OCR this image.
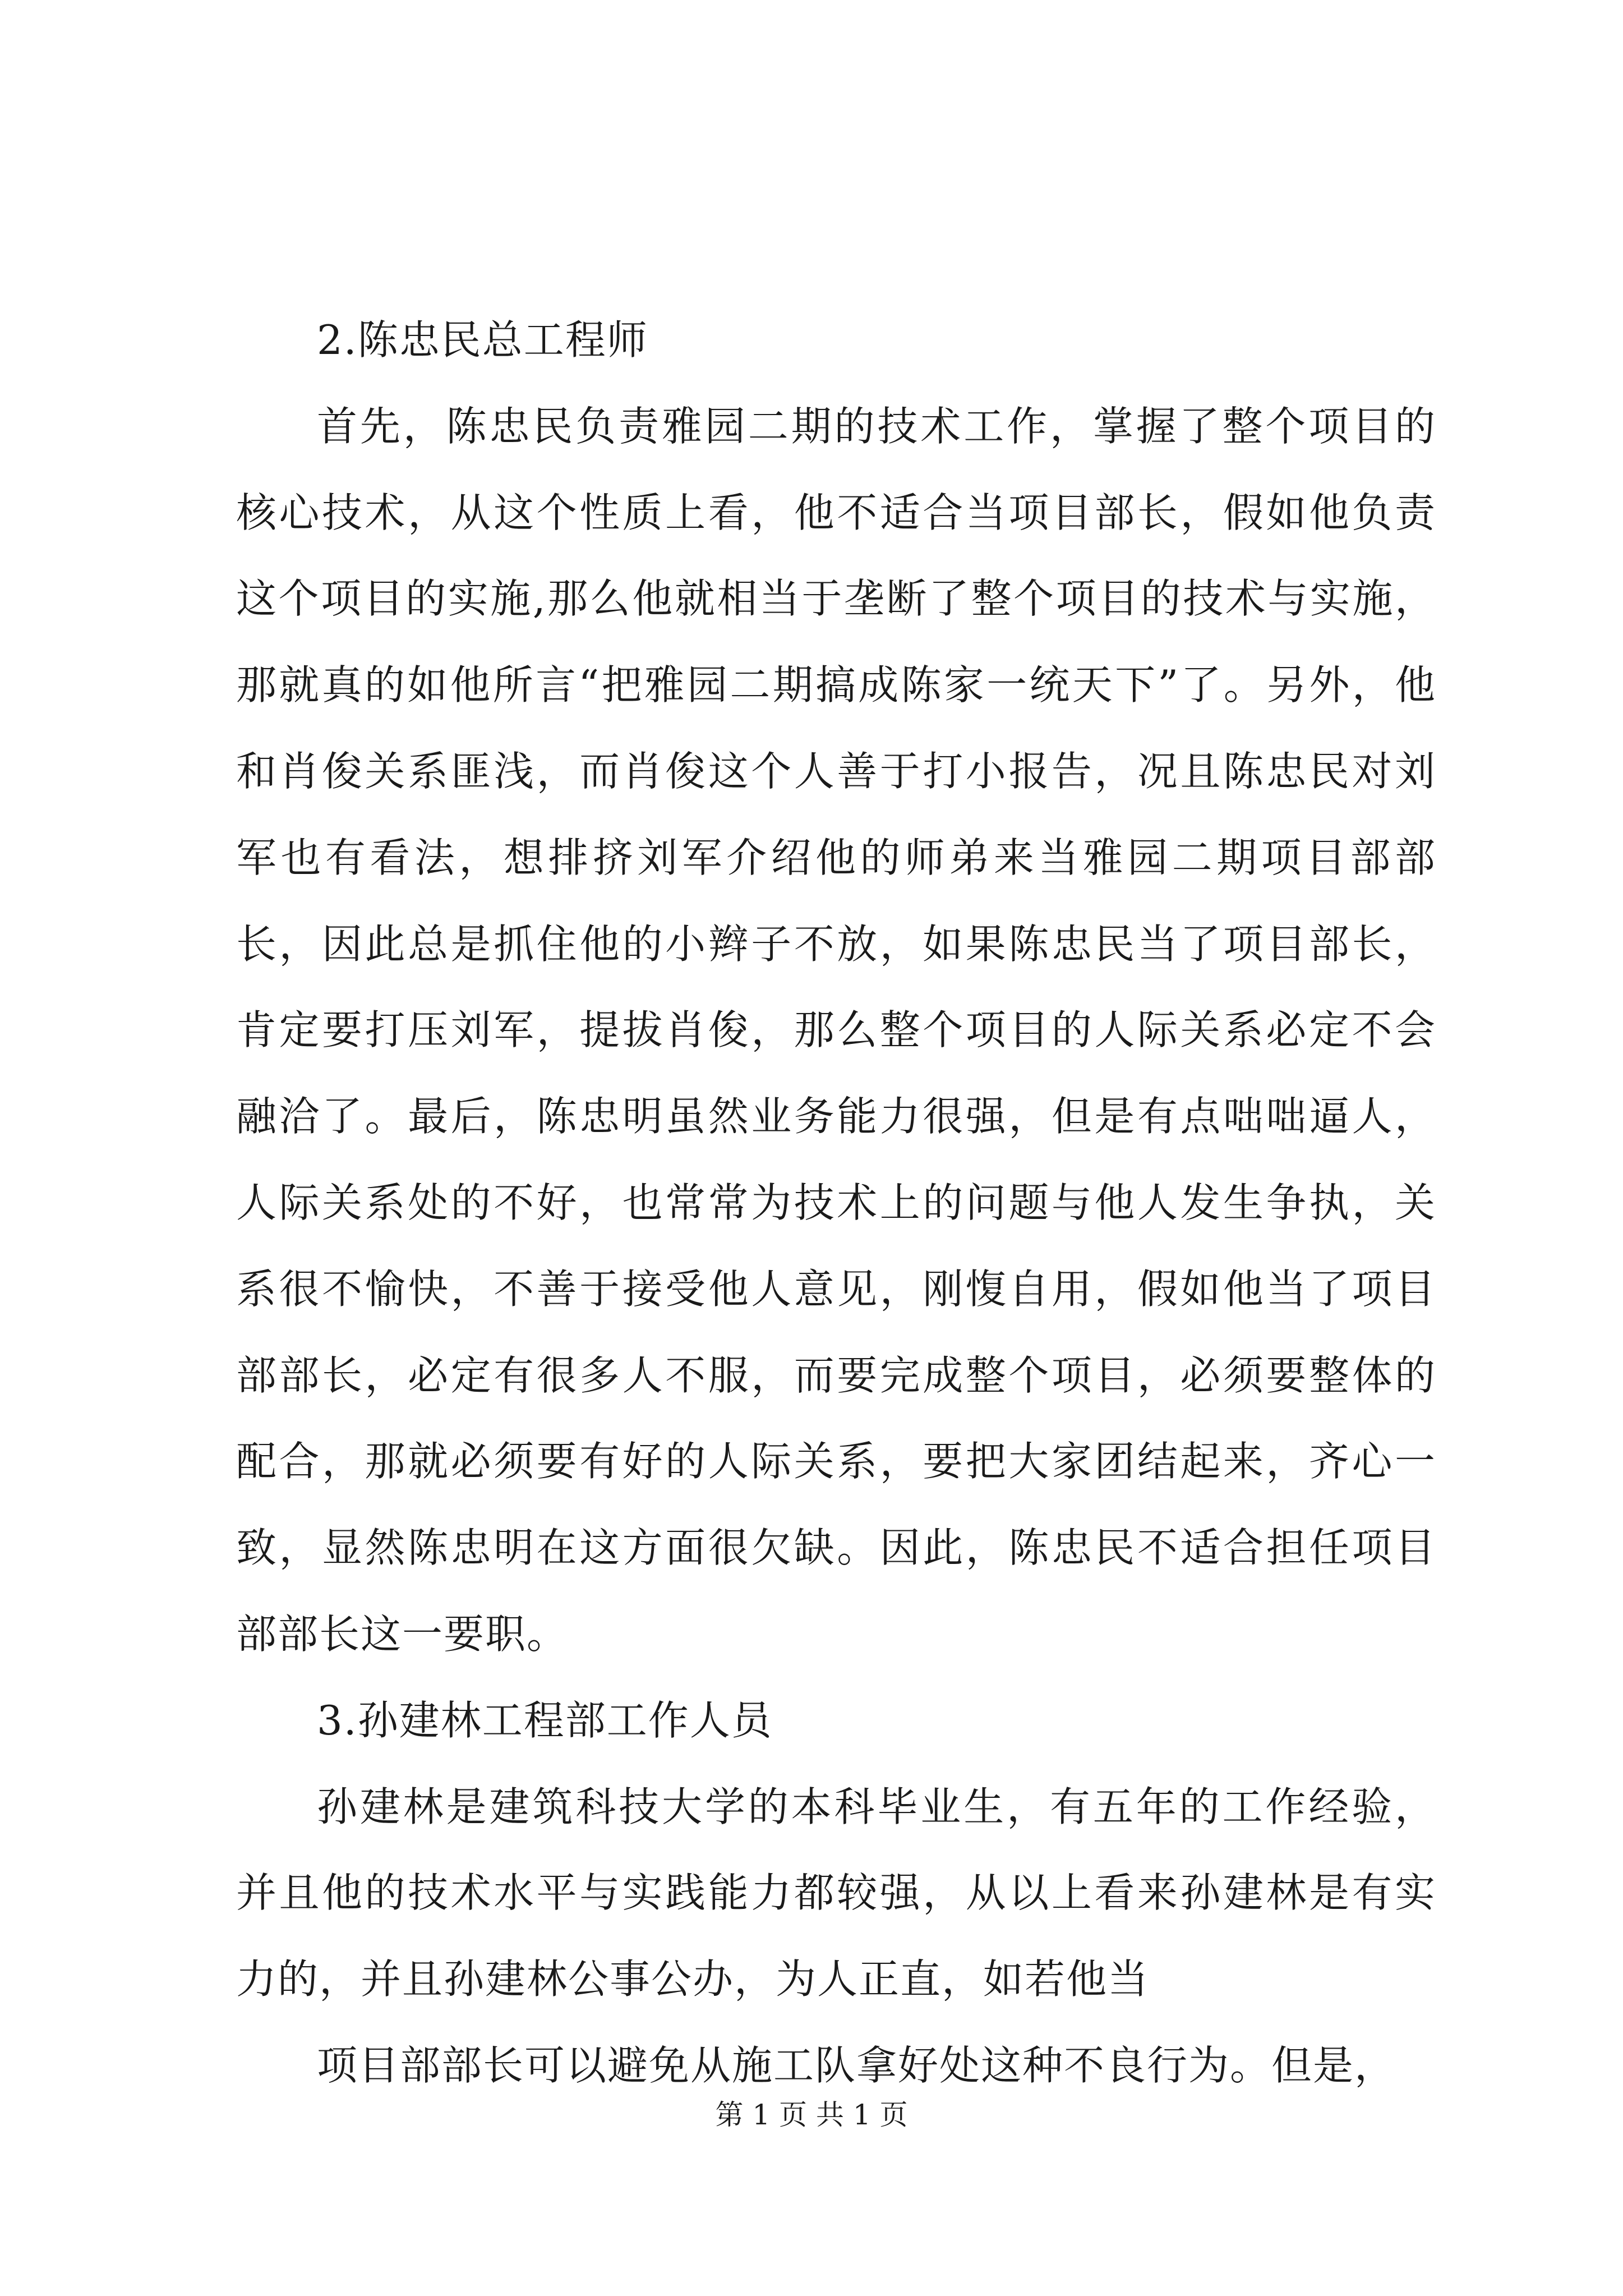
2.陈忠民总工程师

首先，陈忠民负责雅园二期的技术工作，掌握了整个项目的核心技术，从这个性质上看，他不适合当项目部长，假如他负责这个项目的实施,那么他就相当于垄断了整个项目的技术与实施，那就真的如他所言“把雅园二期搞成陈家一统天下”了。另外，他和肖俊关系匪浅，而肖俊这个人善于打小报告，况且陈忠民对刘军也有看法，想排挤刘军介绍他的师弟来当雅园二期项目部部长，因此总是抓住他的小辫子不放，如果陈忠民当了项目部长，肯定要打压刘军，提拔肖俊，那么整个项目的人际关系必定不会融洽了。最后，陈忠明虽然业务能力很强，但是有点咄咄逼人，人际关系处的不好，也常常为技术上的问题与他人发生争执，关系很不愉快，不善于接受他人意见，刚愎自用，假如他当了项目部部长，必定有很多人不服，而要完成整个项目，必须要整体的配合，那就必须要有好的人际关系，要把大家团结起来，齐心一致，显然陈忠明在这方面很欠缺。因此，陈忠民不适合担任项目部部长这一要职。

3.孙建林工程部工作人员

孙建林是建筑科技大学的本科毕业生，有五年的工作经验，并且他的技术水平与实践能力都较强，从以上看来孙建林是有实力的，并且孙建林公事公办，为人正直，如若他当

项目部部长可以避免从施工队拿好处这种不良行为。但是，

第 1 页 共 1 页
